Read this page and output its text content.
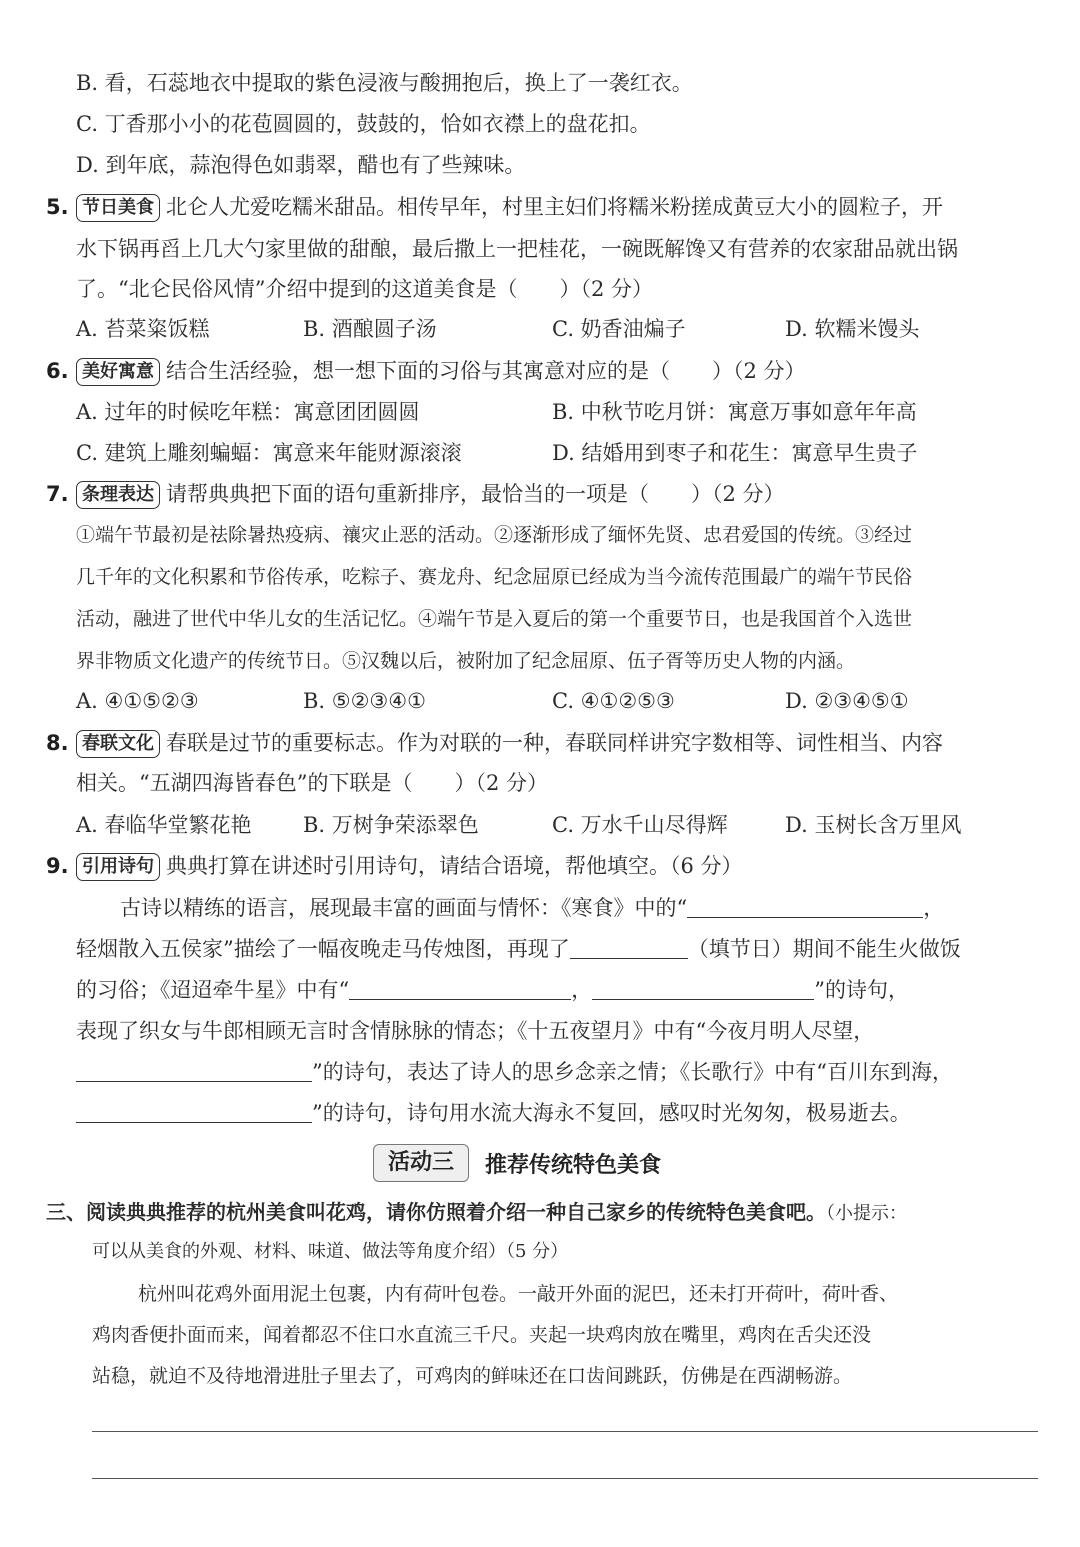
B. 看，石蕊地衣中提取的紫色浸液与酸拥抱后，换上了一袭红衣。
C. 丁香那小小的花苞圆圆的，鼓鼓的，恰如衣襟上的盘花扣。
D. 到年底，蒜泡得色如翡翠，醋也有了些辣味。
5. 节日美食 北仑人尤爱吃糯米甜品。相传早年，村里主妇们将糯米粉搓成黄豆大小的圆粒子，开
水下锅再舀上几大勺家里做的甜酿，最后撒上一把桂花，一碗既解馋又有营养的农家甜品就出锅
了。“北仑民俗风情”介绍中提到的这道美食是（　　）（2 分）
A. 苔菜粢饭糕	B. 酒酿圆子汤	C. 奶香油煸子	D. 软糯米馒头
6. 美好寓意 结合生活经验，想一想下面的习俗与其寓意对应的是（　　）（2 分）
A. 过年的时候吃年糕：寓意团团圆圆	B. 中秋节吃月饼：寓意万事如意年年高
C. 建筑上雕刻蝙蝠：寓意来年能财源滚滚	D. 结婚用到枣子和花生：寓意早生贵子
7. 条理表达 请帮典典把下面的语句重新排序，最恰当的一项是（　　）（2 分）
①端午节最初是祛除暑热疫病、禳灾止恶的活动。②逐渐形成了缅怀先贤、忠君爱国的传统。③经过
几千年的文化积累和节俗传承，吃粽子、赛龙舟、纪念屈原已经成为当今流传范围最广的端午节民俗
活动，融进了世代中华儿女的生活记忆。④端午节是入夏后的第一个重要节日，也是我国首个入选世
界非物质文化遗产的传统节日。⑤汉魏以后，被附加了纪念屈原、伍子胥等历史人物的内涵。
A. ④①⑤②③	B. ⑤②③④①	C. ④①②⑤③	D. ②③④⑤①
8. 春联文化 春联是过节的重要标志。作为对联的一种，春联同样讲究字数相等、词性相当、内容
相关。“五湖四海皆春色”的下联是（　　）（2 分）
A. 春临华堂繁花艳 B. 万树争荣添翠色	C. 万水千山尽得辉	D. 玉树长含万里风
9. 引用诗句 典典打算在讲述时引用诗句，请结合语境，帮他填空。（6 分）
古诗以精练的语言，展现最丰富的画面与情怀：《寒食》中的“	，
轻烟散入五侯家”描绘了一幅夜晚走马传烛图，再现了	（填节日）期间不能生火做饭
的习俗；《迢迢牵牛星》中有“	，	”的诗句，
表现了织女与牛郎相顾无言时含情脉脉的情态；《十五夜望月》中有“今夜月明人尽望，
”的诗句，表达了诗人的思乡念亲之情；《长歌行》中有“百川东到海，
”的诗句，诗句用水流大海永不复回，感叹时光匆匆，极易逝去。
活动三	推荐传统特色美食
三、阅读典典推荐的杭州美食叫花鸡，请你仿照着介绍一种自己家乡的传统特色美食吧。（小提示：
可以从美食的外观、材料、味道、做法等角度介绍）（5 分）
杭州叫花鸡外面用泥土包裹，内有荷叶包卷。一敲开外面的泥巴，还未打开荷叶，荷叶香、
鸡肉香便扑面而来，闻着都忍不住口水直流三千尺。夹起一块鸡肉放在嘴里，鸡肉在舌尖还没
站稳，就迫不及待地滑进肚子里去了，可鸡肉的鲜味还在口齿间跳跃，仿佛是在西湖畅游。
